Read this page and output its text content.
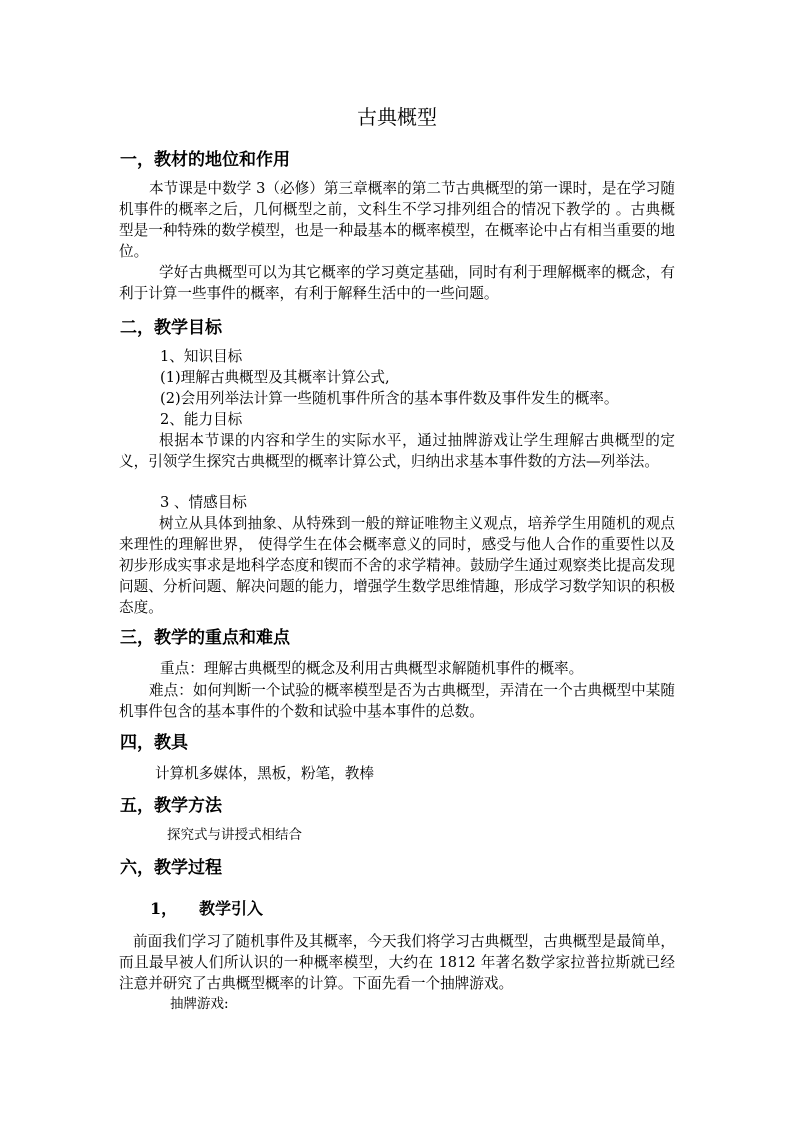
古典概型
一，教材的地位和作用

本节课是中数学 3（必修）第三章概率的第二节古典概型的第一课时，是在学习随机事件的概率之后，几何概型之前，文科生不学习排列组合的情况下教学的 。古典概型是一种特殊的数学模型，也是一种最基本的概率模型，在概率论中占有相当重要的地位。

学好古典概型可以为其它概率的学习奠定基础，同时有利于理解概率的概念，有利于计算一些事件的概率，有利于解释生活中的一些问题。

二，教学目标
1、知识目标
(1)理解古典概型及其概率计算公式,
(2)会用列举法计算一些随机事件所含的基本事件数及事件发生的概率。
2、能力目标

根据本节课的内容和学生的实际水平，通过抽牌游戏让学生理解古典概型的定义，引领学生探究古典概型的概率计算公式，归纳出求基本事件数的方法—列举法。

3 、情感目标

树立从具体到抽象、从特殊到一般的辩证唯物主义观点，培养学生用随机的观点来理性的理解世界， 使得学生在体会概率意义的同时，感受与他人合作的重要性以及初步形成实事求是地科学态度和锲而不舍的求学精神。鼓励学生通过观察类比提高发现问题、分析问题、解决问题的能力，增强学生数学思维情趣，形成学习数学知识的积极态度。

三，教学的重点和难点
重点：理解古典概型的概念及利用古典概型求解随机事件的概率。

难点：如何判断一个试验的概率模型是否为古典概型，弄清在一个古典概型中某随机事件包含的基本事件的个数和试验中基本事件的总数。

四，教具
计算机多媒体，黑板，粉笔，教棒
五，教学方法
探究式与讲授式相结合
六，教学过程
1， 教学引入

前面我们学习了随机事件及其概率，今天我们将学习古典概型，古典概型是最简单，而且最早被人们所认识的一种概率模型，大约在 1812 年著名数学家拉普拉斯就已经注意并研究了古典概型概率的计算。下面先看一个抽牌游戏。

抽牌游戏:
